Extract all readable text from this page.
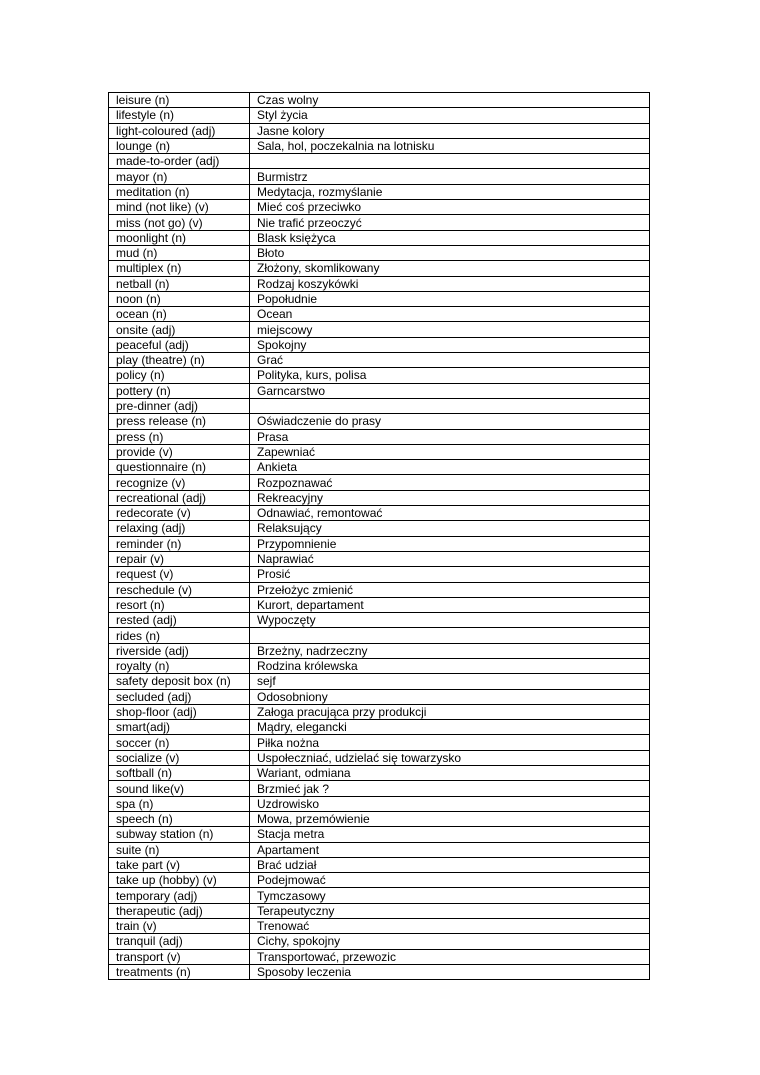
leisure (n)	Czas wolny
lifestyle (n)	Styl życia
light-coloured (adj)	Jasne kolory
lounge (n)	Sala, hol, poczekalnia na lotnisku
made-to-order (adj)	
mayor (n)	Burmistrz
meditation (n)	Medytacja, rozmyślanie
mind (not like) (v)	Mieć coś przeciwko
miss (not go) (v)	Nie trafić przeoczyć
moonlight (n)	Blask księżyca
mud (n)	Błoto
multiplex (n)	Złożony, skomlikowany
netball (n)	Rodzaj koszykówki
noon (n)	Popołudnie
ocean (n)	Ocean
onsite (adj)	miejscowy
peaceful (adj)	Spokojny
play (theatre) (n)	Grać
policy (n)	Polityka, kurs, polisa
pottery (n)	Garncarstwo
pre-dinner (adj)	
press release (n)	Oświadczenie do prasy
press (n)	Prasa
provide (v)	Zapewniać
questionnaire (n)	Ankieta
recognize (v)	Rozpoznawać
recreational (adj)	Rekreacyjny
redecorate (v)	Odnawiać, remontować
relaxing (adj)	Relaksujący
reminder (n)	Przypomnienie
repair (v)	Naprawiać
request (v)	Prosić
reschedule (v)	Przełożyc zmienić
resort (n)	Kurort, departament
rested (adj)	Wypoczęty
rides (n)	
riverside (adj)	Brzeżny, nadrzeczny
royalty (n)	Rodzina królewska
safety deposit box (n)	sejf
secluded (adj)	Odosobniony
shop-floor (adj)	Załoga pracująca przy produkcji
smart(adj)	Mądry, elegancki
soccer (n)	Piłka nożna
socialize (v)	Uspołeczniać, udzielać się towarzysko
softball (n)	Wariant, odmiana
sound like(v)	Brzmieć jak ?
spa (n)	Uzdrowisko
speech (n)	Mowa, przemówienie
subway station (n)	Stacja metra
suite (n)	Apartament
take part (v)	Brać udział
take up (hobby) (v)	Podejmować
temporary (adj)	Tymczasowy
therapeutic (adj)	Terapeutyczny
train (v)	Trenować
tranquil (adj)	Cichy, spokojny
transport (v)	Transportować, przewozic
treatments (n)	Sposoby leczenia
